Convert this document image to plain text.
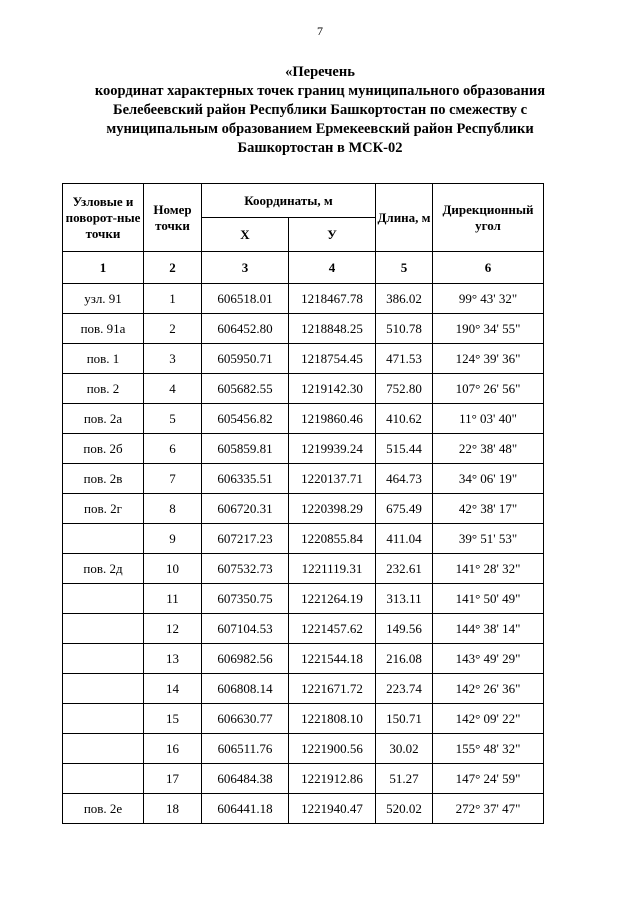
7
«Перечень
координат характерных точек границ муниципального образования
Белебеевский район Республики Башкортостан по смежеству с
муниципальным образованием Ермекеевский район Республики
Башкортостан в МСК-02
Узловые и поворот-ные точки	Номер точки	Координаты, м		Длина, м	Дирекционный угол
		X	У		
1	2	3	4	5	6
узл. 91	1	606518.01	1218467.78	386.02	99° 43' 32"
пов. 91а	2	606452.80	1218848.25	510.78	190° 34' 55"
пов. 1	3	605950.71	1218754.45	471.53	124° 39' 36"
пов. 2	4	605682.55	1219142.30	752.80	107° 26' 56"
пов. 2а	5	605456.82	1219860.46	410.62	11° 03' 40"
пов. 2б	6	605859.81	1219939.24	515.44	22° 38' 48"
пов. 2в	7	606335.51	1220137.71	464.73	34° 06' 19"
пов. 2г	8	606720.31	1220398.29	675.49	42° 38' 17"
	9	607217.23	1220855.84	411.04	39° 51' 53"
пов. 2д	10	607532.73	1221119.31	232.61	141° 28' 32"
	11	607350.75	1221264.19	313.11	141° 50' 49"
	12	607104.53	1221457.62	149.56	144° 38' 14"
	13	606982.56	1221544.18	216.08	143° 49' 29"
	14	606808.14	1221671.72	223.74	142° 26' 36"
	15	606630.77	1221808.10	150.71	142° 09' 22"
	16	606511.76	1221900.56	30.02	155° 48' 32"
	17	606484.38	1221912.86	51.27	147° 24' 59"
пов. 2е	18	606441.18	1221940.47	520.02	272° 37' 47"
